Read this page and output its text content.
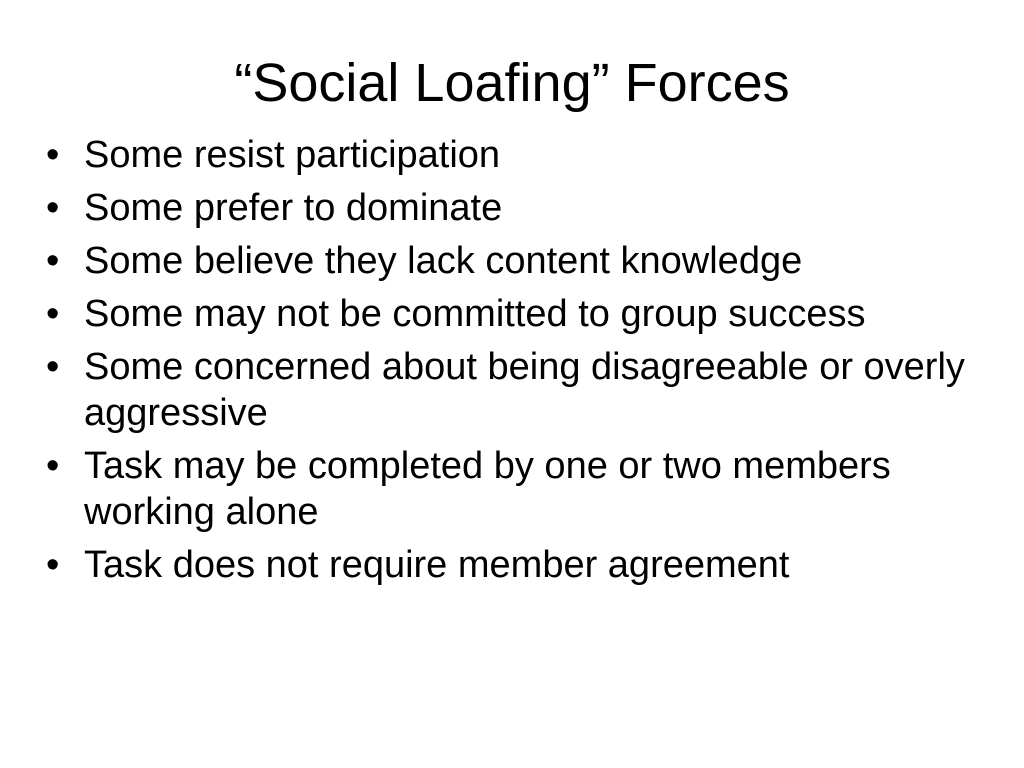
“Social Loafing” Forces
• Some resist participation
• Some prefer to dominate
• Some believe they lack content knowledge
• Some may not be committed to group success
• Some concerned about being disagreeable or overly aggressive
• Task may be completed by one or two members working alone
• Task does not require member agreement
